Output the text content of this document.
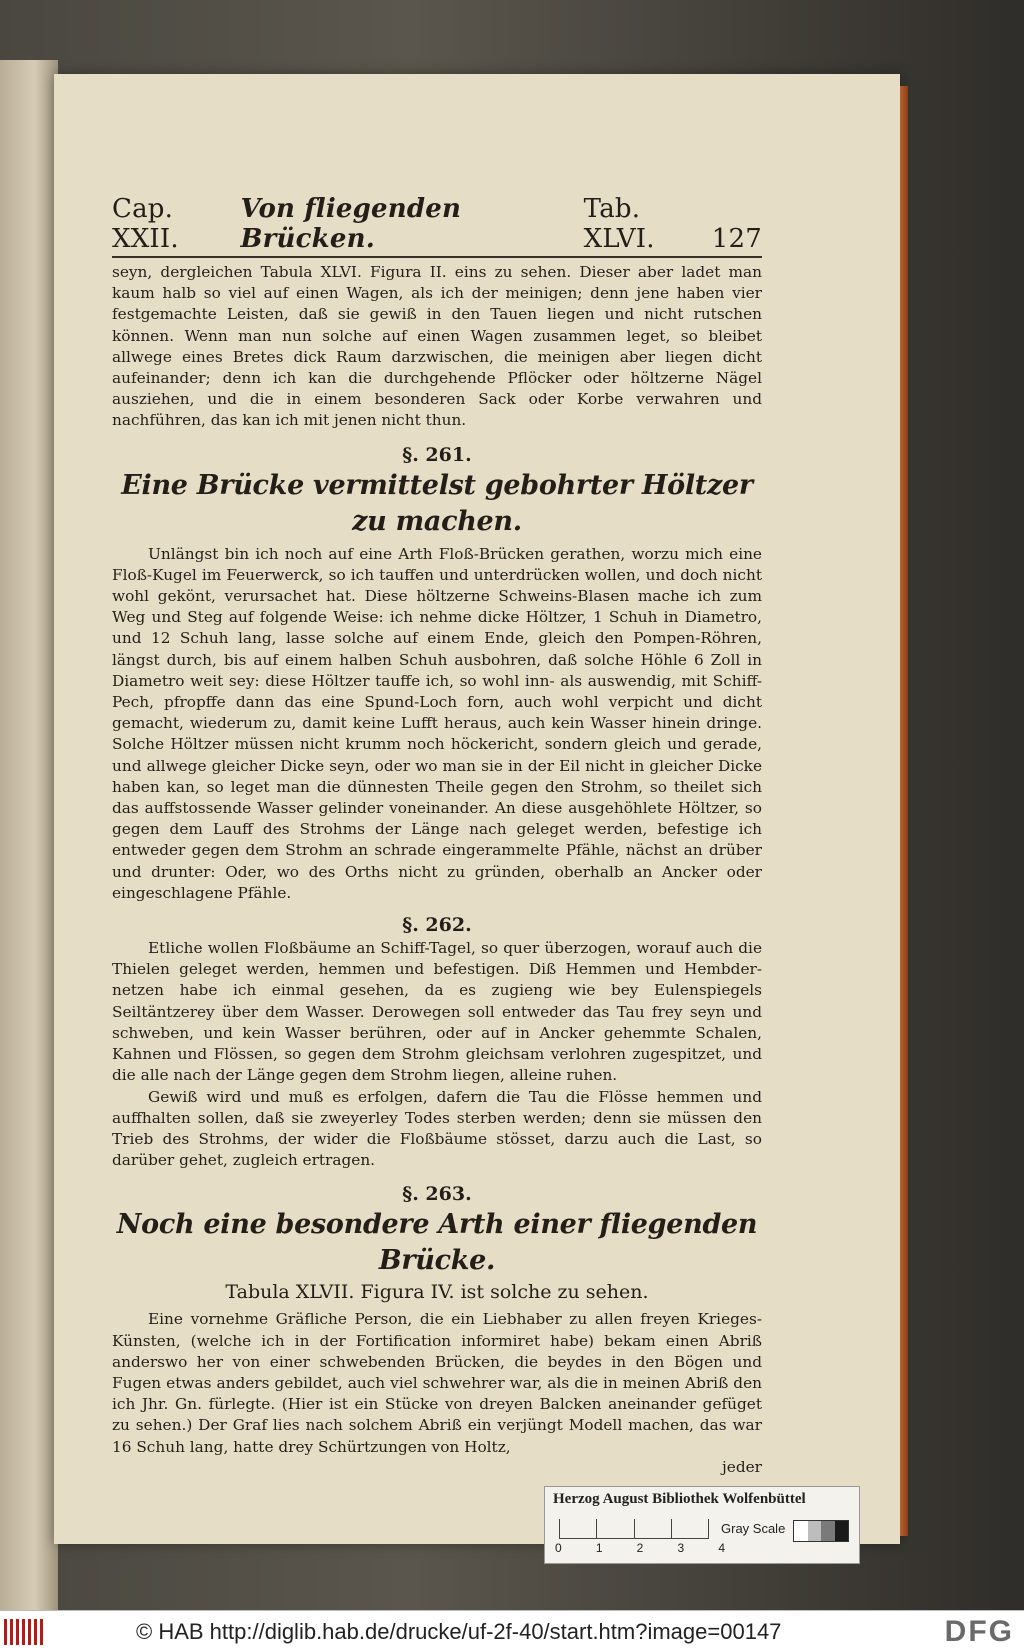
Cap. XXII.
Von fliegenden Brücken.
Tab. XLVI.	127

seyn, dergleichen Tabula XLVI. Figura II. eins zu sehen. Dieser aber ladet man kaum halb so viel auf einen Wagen, als ich der meinigen; denn jene haben vier festgemachte Leisten, daß sie gewiß in den Tauen liegen und nicht rutschen können. Wenn man nun solche auf einen Wagen zusammen leget, so bleibet allwege eines Bretes dick Raum darzwischen, die meinigen aber liegen dicht aufeinander; denn ich kan die durchgehende Pflöcker oder höltzerne Nägel ausziehen, und die in einem besonderen Sack oder Korbe verwahren und nachführen, das kan ich mit jenen nicht thun.

§. 261.
Eine Brücke vermittelst gebohrter Höltzer zu machen.

Unlängst bin ich noch auf eine Arth Floß-Brücken gerathen, worzu mich eine Floß-Kugel im Feuerwerck, so ich tauffen und unterdrücken wollen, und doch nicht wohl gekönt, verursachet hat. Diese höltzerne Schweins-Blasen mache ich zum Weg und Steg auf folgende Weise: ich nehme dicke Höltzer, 1 Schuh in Diametro, und 12 Schuh lang, lasse solche auf einem Ende, gleich den Pompen-Röhren, längst durch, bis auf einem halben Schuh ausbohren, daß solche Höhle 6 Zoll in Diametro weit sey: diese Höltzer tauffe ich, so wohl inn- als auswendig, mit Schiff-Pech, pfropffe dann das eine Spund-Loch forn, auch wohl verpicht und dicht gemacht, wiederum zu, damit keine Lufft heraus, auch kein Wasser hinein dringe. Solche Höltzer müssen nicht krumm noch höckericht, sondern gleich und gerade, und allwege gleicher Dicke seyn, oder wo man sie in der Eil nicht in gleicher Dicke haben kan, so leget man die dünnesten Theile gegen den Strohm, so theilet sich das auffstossende Wasser gelinder voneinander. An diese ausgehöhlete Höltzer, so gegen dem Lauff des Strohms der Länge nach geleget werden, befestige ich entweder gegen dem Strohm an schrade eingerammelte Pfähle, nächst an drüber und drunter: Oder, wo des Orths nicht zu gründen, oberhalb an Ancker oder eingeschlagene Pfähle.

§. 262.

Etliche wollen Floßbäume an Schiff-Tagel, so quer überzogen, worauf auch die Thielen geleget werden, hemmen und befestigen. Diß Hemmen und Hembder-netzen habe ich einmal gesehen, da es zugieng wie bey Eulenspiegels Seiltäntzerey über dem Wasser. Derowegen soll entweder das Tau frey seyn und schweben, und kein Wasser berühren, oder auf in Ancker gehemmte Schalen, Kahnen und Flössen, so gegen dem Strohm gleichsam verlohren zugespitzet, und die alle nach der Länge gegen dem Strohm liegen, alleine ruhen.

Gewiß wird und muß es erfolgen, dafern die Tau die Flösse hemmen und auffhalten sollen, daß sie zweyerley Todes sterben werden; denn sie müssen den Trieb des Strohms, der wider die Floßbäume stösset, darzu auch die Last, so darüber gehet, zugleich ertragen.

§. 263.
Noch eine besondere Arth einer fliegenden Brücke.
Tabula XLVII. Figura IV. ist solche zu sehen.

Eine vornehme Gräfliche Person, die ein Liebhaber zu allen freyen Krieges-Künsten, (welche ich in der Fortification informiret habe) bekam einen Abriß anderswo her von einer schwebenden Brücken, die beydes in den Bögen und Fugen etwas anders gebildet, auch viel schwehrer war, als die in meinen Abriß den ich Jhr. Gn. fürlegte. (Hier ist ein Stücke von dreyen Balcken aneinander gefüget zu sehen.) Der Graf lies nach solchem Abriß ein verjüngt Modell machen, das war 16 Schuh lang, hatte drey Schürtzungen von Holtz,

jeder
Herzog August Bibliothek Wolfenbüttel
0	1	2	3	4
Gray Scale
© HAB http://diglib.hab.de/drucke/uf-2f-40/start.htm?image=00147	DFG
